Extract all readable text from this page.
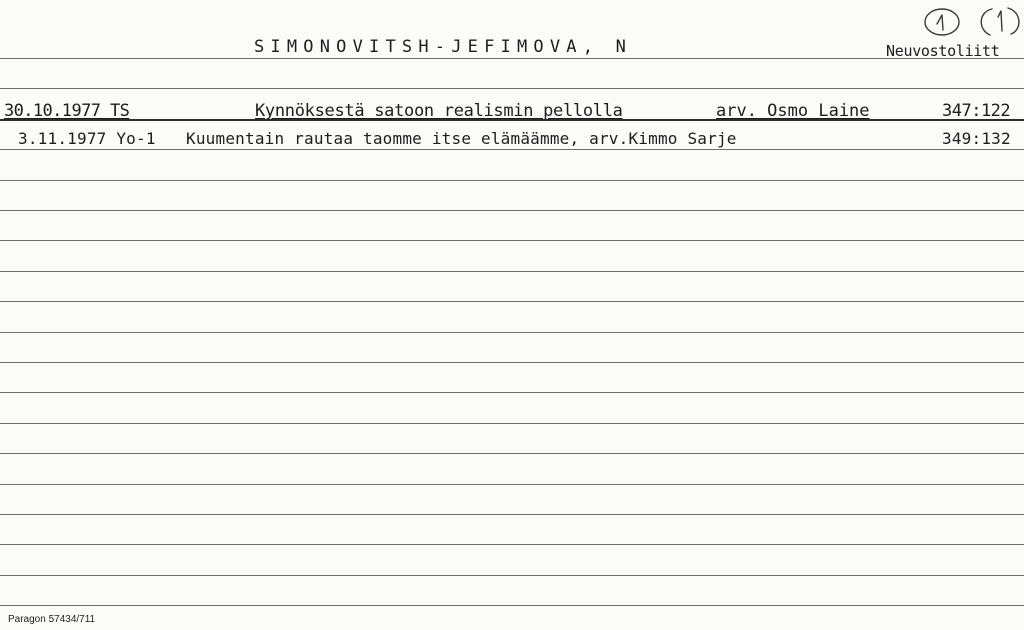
SIMONOVITSH-JEFIMOVA, N	Neuvostoliitt
30.10.1977 TS	Kynnöksestä satoon realismin pellolla	arv. Osmo Laine	347:122
3.11.1977 Yo-1 Kuumentain rautaa taomme itse elämäämme, arv.Kimmo Sarje	349:132
Paragon 57434/711
